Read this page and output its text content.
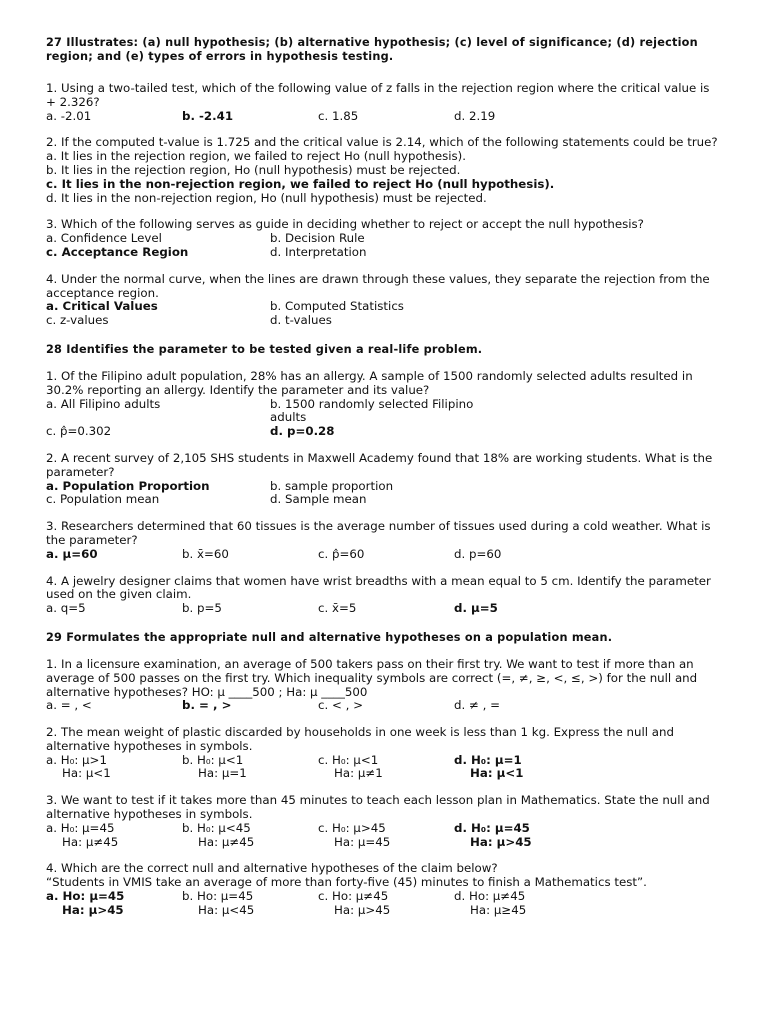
27 Illustrates: (a) null hypothesis; (b) alternative hypothesis; (c) level of significance; (d) rejection region; and (e) types of errors in hypothesis testing.

1. Using a two-tailed test, which of the following value of z falls in the rejection region where the critical value is + 2.326?
a. -2.01	b. -2.41	c. 1.85	d. 2.19
2. If the computed t-value is 1.725 and the critical value is 2.14, which of the following statements could be true?
a. It lies in the rejection region, we failed to reject Ho (null hypothesis).
b. It lies in the rejection region, Ho (null hypothesis) must be rejected.
c. It lies in the non-rejection region, we failed to reject Ho (null hypothesis).
d. It lies in the non-rejection region, Ho (null hypothesis) must be rejected.
3. Which of the following serves as guide in deciding whether to reject or accept the null hypothesis?
a. Confidence Level	b. Decision Rule
c. Acceptance Region	d. Interpretation
4. Under the normal curve, when the lines are drawn through these values, they separate the rejection from the acceptance region.
a. Critical Values	b. Computed Statistics
c. z-values	d. t-values

28 Identifies the parameter to be tested given a real-life problem.

1. Of the Filipino adult population, 28% has an allergy. A sample of 1500 randomly selected adults resulted in 30.2% reporting an allergy. Identify the parameter and its value?
a. All Filipino adults	b. 1500 randomly selected Filipino adults
c. p̂=0.302	d. p=0.28
2. A recent survey of 2,105 SHS students in Maxwell Academy found that 18% are working students. What is the parameter?
a. Population Proportion	b. sample proportion
c. Population mean	d. Sample mean
3. Researchers determined that 60 tissues is the average number of tissues used during a cold weather. What is the parameter?
a. μ=60	b. x̄=60	c. p̂=60	d. p=60
4. A jewelry designer claims that women have wrist breadths with a mean equal to 5 cm. Identify the parameter used on the given claim.
a. q=5	b. p=5	c. x̄=5	d. μ=5

29 Formulates the appropriate null and alternative hypotheses on a population mean.

1. In a licensure examination, an average of 500 takers pass on their first try. We want to test if more than an average of 500 passes on the first try. Which inequality symbols are correct (=, ≠, ≥, <, ≤, >) for the null and alternative hypotheses? HO: μ ____500 ; Ha: μ ____500
a. = , <	b. = , >	c. < , >	d. ≠ , =
2. The mean weight of plastic discarded by households in one week is less than 1 kg. Express the null and alternative hypotheses in symbols.
a. H₀: μ>1	b. H₀: μ<1	c. H₀: μ<1	d. H₀: μ=1
Ha: μ<1	Ha: μ=1	Ha: μ≠1	Ha: μ<1
3. We want to test if it takes more than 45 minutes to teach each lesson plan in Mathematics. State the null and alternative hypotheses in symbols.
a. H₀: μ=45	b. H₀: μ<45	c. H₀: μ>45	d. H₀: μ=45
Ha: μ≠45	Ha: μ≠45	Ha: μ=45	Ha: μ>45
4. Which are the correct null and alternative hypotheses of the claim below?
“Students in VMIS take an average of more than forty-five (45) minutes to finish a Mathematics test”.
a. Ho: μ=45	b. Ho: μ=45	c. Ho: μ≠45	d. Ho: μ≠45
Ha: μ>45	Ha: μ<45	Ha: μ>45	Ha: μ≥45
